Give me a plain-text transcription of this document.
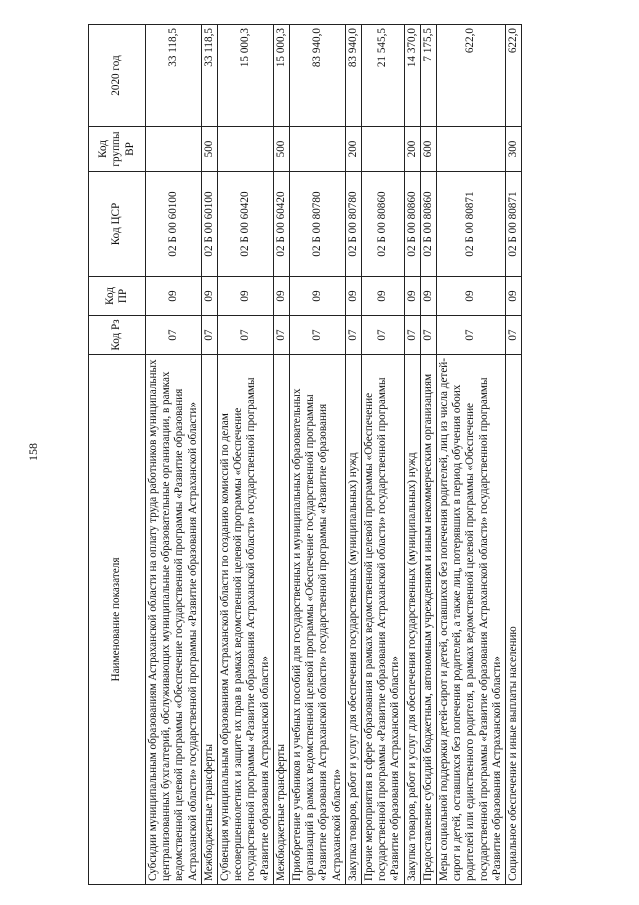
158
Наименование показателя	Код Рз	Код ПР	Код ЦСР	Код группы ВР	2020 год
Субсидии муниципальным образованиям Астраханской области на оплату труда работников муниципальных централизованных бухгалтерий, обслуживающих муниципальные образовательные организации, в рамках ведомственной целевой программы «Обеспечение государственной программы «Развитие образования Астраханской области» государственной программы «Развитие образования Астраханской области»	07	09	02 Б 00 60100		33 118,5
Межбюджетные трансферты	07	09	02 Б 00 60100	500	33 118,5
Субвенция муниципальным образованиям Астраханской области по созданию комиссий по делам несовершеннолетних и защите их прав в рамках ведомственной целевой программы «Обеспечение государственной программы «Развитие образования Астраханской области» государственной программы «Развитие образования Астраханской области»	07	09	02 Б 00 60420		15 000,3
Межбюджетные трансферты	07	09	02 Б 00 60420	500	15 000,3
Приобретение учебников и учебных пособий для государственных и муниципальных образовательных организаций в рамках ведомственной целевой программы «Обеспечение государственной программы «Развитие образования Астраханской области» государственной программы «Развитие образования Астраханской области»	07	09	02 Б 00 80780		83 940,0
Закупка товаров, работ и услуг для обеспечения государственных (муниципальных) нужд	07	09	02 Б 00 80780	200	83 940,0
Прочие мероприятия в сфере образования в рамках ведомственной целевой программы «Обеспечение государственной программы «Развитие образования Астраханской области» государственной программы «Развитие образования Астраханской области»	07	09	02 Б 00 80860		21 545,5
Закупка товаров, работ и услуг для обеспечения государственных (муниципальных) нужд	07	09	02 Б 00 80860	200	14 370,0
Предоставление субсидий бюджетным, автономным учреждениям и иным некоммерческим организациям	07	09	02 Б 00 80860	600	7 175,5
Меры социальной поддержки детей-сирот и детей, оставшихся без попечения родителей, лиц из числа детей-сирот и детей, оставшихся без попечения родителей, а также лиц, потерявших в период обучения обоих родителей или единственного родителя, в рамках ведомственной целевой программы «Обеспечение государственной программы «Развитие образования Астраханской области» государственной программы «Развитие образования Астраханской области»	07	09	02 Б 00 80871		622,0
Социальное обеспечение и иные выплаты населению	07	09	02 Б 00 80871	300	622,0
